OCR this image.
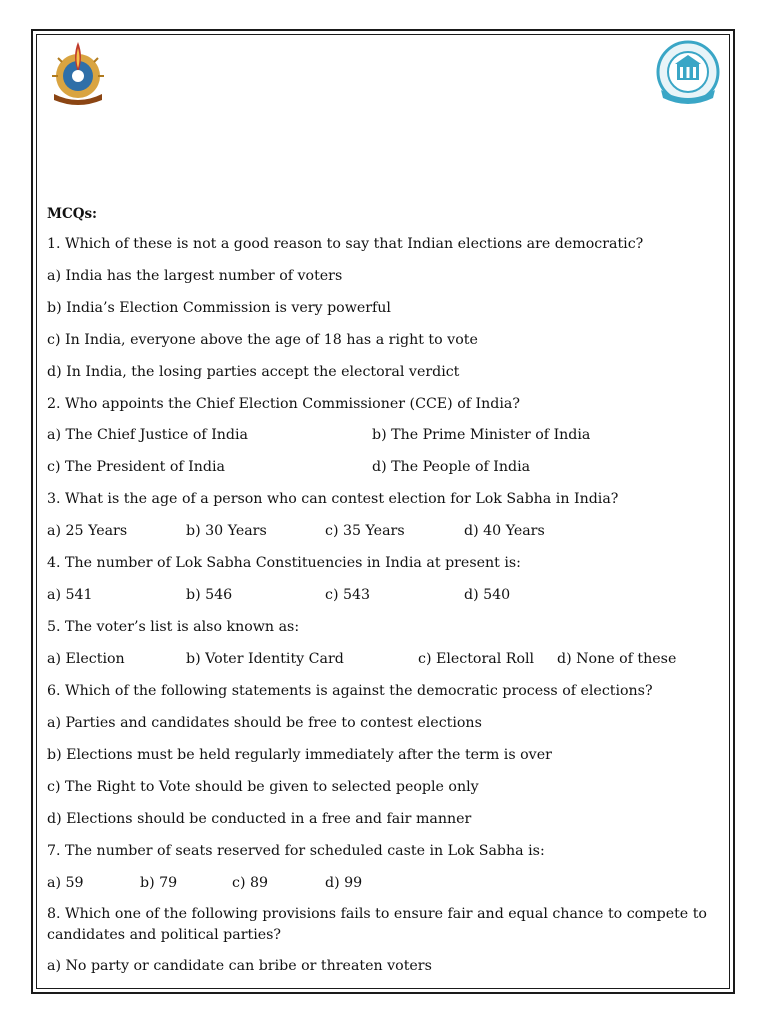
MCQs:
1. Which of these is not a good reason to say that Indian elections are democratic?
a) India has the largest number of voters
b) India’s Election Commission is very powerful
c) In India, everyone above the age of 18 has a right to vote
d) In India, the losing parties accept the electoral verdict
2. Who appoints the Chief Election Commissioner (CCE) of India?
a) The Chief Justice of India	b) The Prime Minister of India
c) The President of India	d) The People of India
3. What is the age of a person who can contest election for Lok Sabha in India?
a) 25 Years	b) 30 Years	c) 35 Years	d) 40 Years
4. The number of Lok Sabha Constituencies in India at present is:
a) 541	b) 546	c) 543	d) 540
5. The voter’s list is also known as:
a) Election	b) Voter Identity Card	c) Electoral Roll d) None of these
6. Which of the following statements is against the democratic process of elections?
a) Parties and candidates should be free to contest elections
b) Elections must be held regularly immediately after the term is over
c) The Right to Vote should be given to selected people only
d) Elections should be conducted in a free and fair manner
7. The number of seats reserved for scheduled caste in Lok Sabha is:
a) 59	b) 79	c) 89	d) 99
8. Which one of the following provisions fails to ensure fair and equal chance to compete to candidates and political parties?
a) No party or candidate can bribe or threaten voters
